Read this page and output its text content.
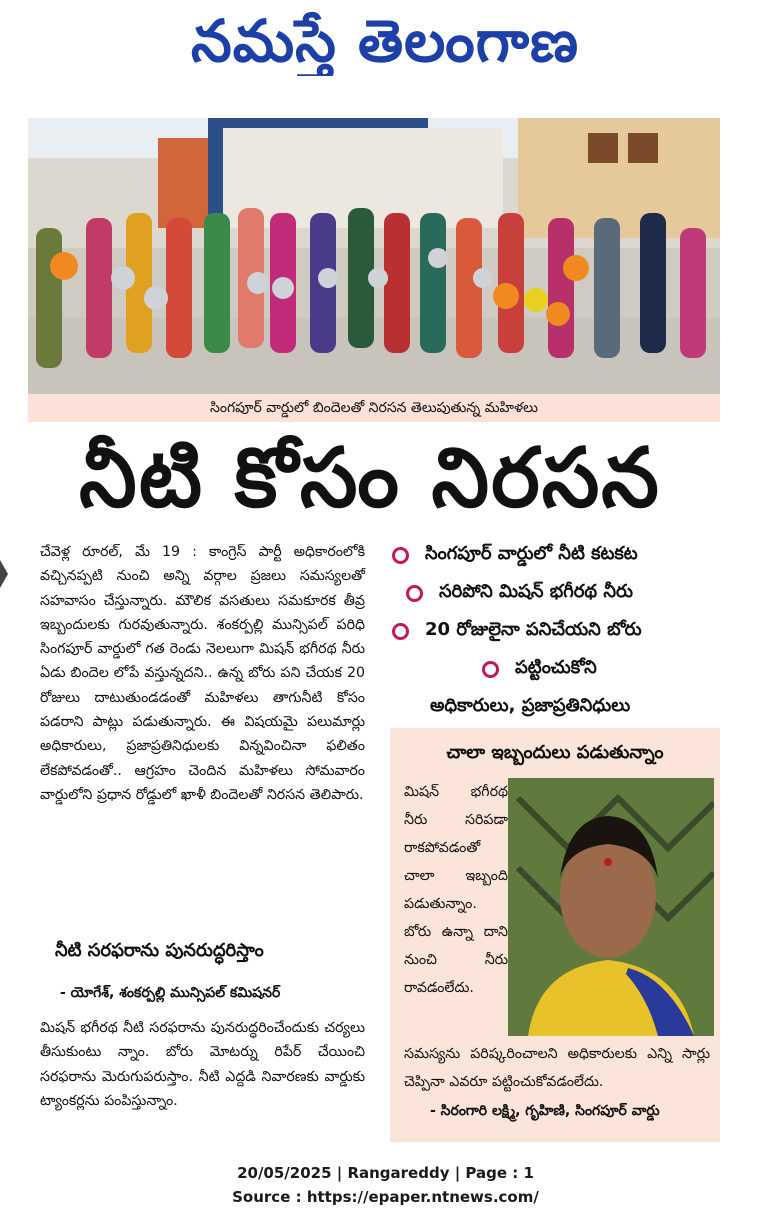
నమస్తే తెలంగాణ
సింగపూర్ వార్డులో బిందెలతో నిరసన తెలుపుతున్న మహిళలు
నీటి కోసం నిరసన

చేవెళ్ల రూరల్, మే 19 : కాంగ్రెస్ పార్టీ అధికారంలోకి వచ్చినప్పటి నుంచి అన్ని వర్గాల ప్రజలు సమస్యలతో సహవాసం చేస్తున్నారు. మౌలిక వసతులు సమకూరక తీవ్ర ఇబ్బందులకు గురవుతున్నారు. శంకర్పల్లి మున్సిపల్ పరిధి సింగపూర్ వార్డులో గత రెండు నెలలుగా మిషన్ భగీరథ నీరు ఏడు బిందెల లోపే వస్తున్నదని.. ఉన్న బోరు పని చేయక 20 రోజులు దాటుతుండడంతో మహిళలు తాగునీటి కోసం పడరాని పాట్లు పడుతున్నారు. ఈ విషయమై పలుమార్లు అధికారులు, ప్రజాప్రతినిధులకు విన్నవించినా ఫలితం లేకపోవడంతో.. ఆగ్రహం చెందిన మహిళలు సోమవారం వార్డులోని ప్రధాన రోడ్డులో ఖాళీ బిందెలతో నిరసన తెలిపారు.

నీటి సరఫరాను పునరుద్ధరిస్తాం
- యోగేశ్, శంకర్పల్లి మున్సిపల్ కమిషనర్

మిషన్ భగీరథ నీటి సరఫరాను పునరుద్ధరించేందుకు చర్యలు తీసుకుంటు న్నాం. బోరు మోటర్ను రిపేర్ చేయించి సరఫరాను మెరుగుపరుస్తాం. నీటి ఎద్దడి నివారణకు వార్డుకు ట్యాంకర్లను పంపిస్తున్నాం.

సింగపూర్ వార్డులో నీటి కటకట
సరిపోని మిషన్ భగీరథ నీరు
20 రోజులైనా పనిచేయని బోరు
పట్టించుకోని
అధికారులు, ప్రజాప్రతినిధులు
చాలా ఇబ్బందులు పడుతున్నాం

మిషన్ భగీరథ నీరు సరిపడా రాకపోవడంతో చాలా ఇబ్బంది పడుతున్నాం. బోరు ఉన్నా దాని నుంచి నీరు రావడంలేదు.

సమస్యను పరిష్కరించాలని అధికారులకు ఎన్ని సార్లు చెప్పినా ఎవరూ పట్టించుకోవడంలేదు.

- సిరంగారి లక్ష్మి, గృహిణి, సింగపూర్ వార్డు
20/05/2025 | Rangareddy | Page : 1
Source : https://epaper.ntnews.com/
